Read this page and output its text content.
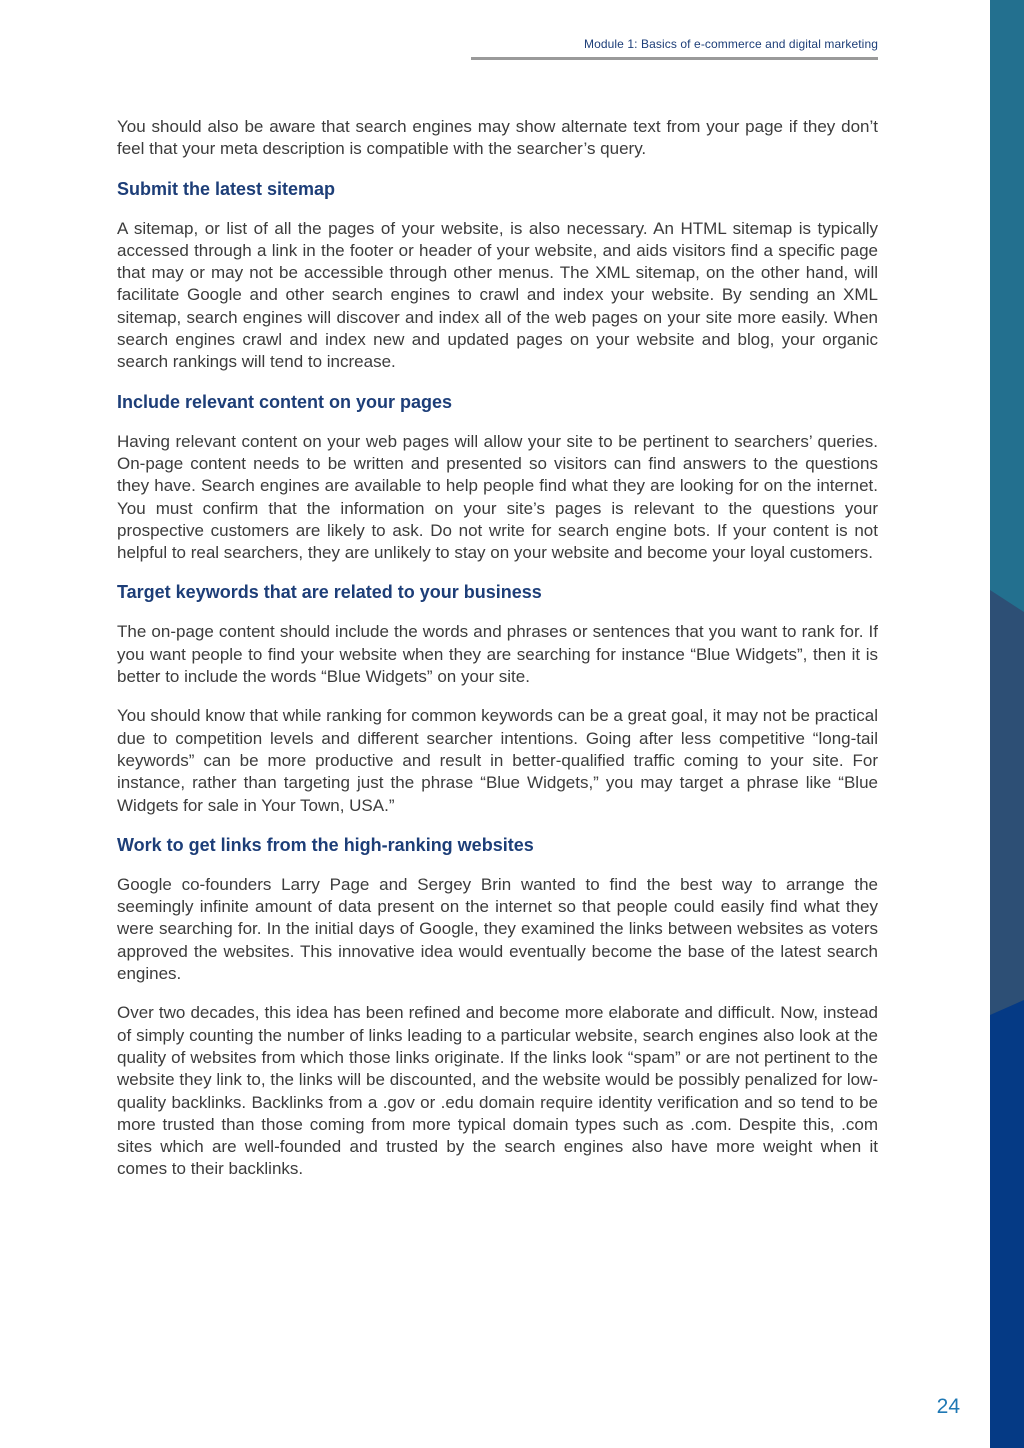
Module 1: Basics of e-commerce and digital marketing

You should also be aware that search engines may show alternate text from your page if they don’t feel that your meta description is compatible with the searcher’s query.

Submit the latest sitemap

A sitemap, or list of all the pages of your website, is also necessary. An HTML sitemap is typically accessed through a link in the footer or header of your website, and aids visitors find a specific page that may or may not be accessible through other menus. The XML sitemap, on the other hand, will facilitate Google and other search engines to crawl and index your website. By sending an XML sitemap, search engines will discover and index all of the web pages on your site more easily. When search engines crawl and index new and updated pages on your website and blog, your organic search rankings will tend to increase.

Include relevant content on your pages

Having relevant content on your web pages will allow your site to be pertinent to searchers’ queries. On-page content needs to be written and presented so visitors can find answers to the questions they have. Search engines are available to help people find what they are looking for on the internet. You must confirm that the information on your site’s pages is relevant to the questions your prospective customers are likely to ask. Do not write for search engine bots. If your content is not helpful to real searchers, they are unlikely to stay on your website and become your loyal customers.

Target keywords that are related to your business

The on-page content should include the words and phrases or sentences that you want to rank for. If you want people to find your website when they are searching for instance “Blue Widgets”, then it is better to include the words “Blue Widgets” on your site.

You should know that while ranking for common keywords can be a great goal, it may not be practical due to competition levels and different searcher intentions. Going after less competitive “long-tail keywords” can be more productive and result in better-qualified traffic coming to your site. For instance, rather than targeting just the phrase “Blue Widgets,” you may target a phrase like “Blue Widgets for sale in Your Town, USA.”

Work to get links from the high-ranking websites

Google co-founders Larry Page and Sergey Brin wanted to find the best way to arrange the seemingly infinite amount of data present on the internet so that people could easily find what they were searching for. In the initial days of Google, they examined the links between websites as voters approved the websites. This innovative idea would eventually become the base of the latest search engines.

Over two decades, this idea has been refined and become more elaborate and difficult. Now, instead of simply counting the number of links leading to a particular website, search engines also look at the quality of websites from which those links originate. If the links look “spam” or are not pertinent to the website they link to, the links will be discounted, and the website would be possibly penalized for low-quality backlinks. Backlinks from a .gov or .edu domain require identity verification and so tend to be more trusted than those coming from more typical domain types such as .com. Despite this, .com sites which are well-founded and trusted by the search engines also have more weight when it comes to their backlinks.

24
